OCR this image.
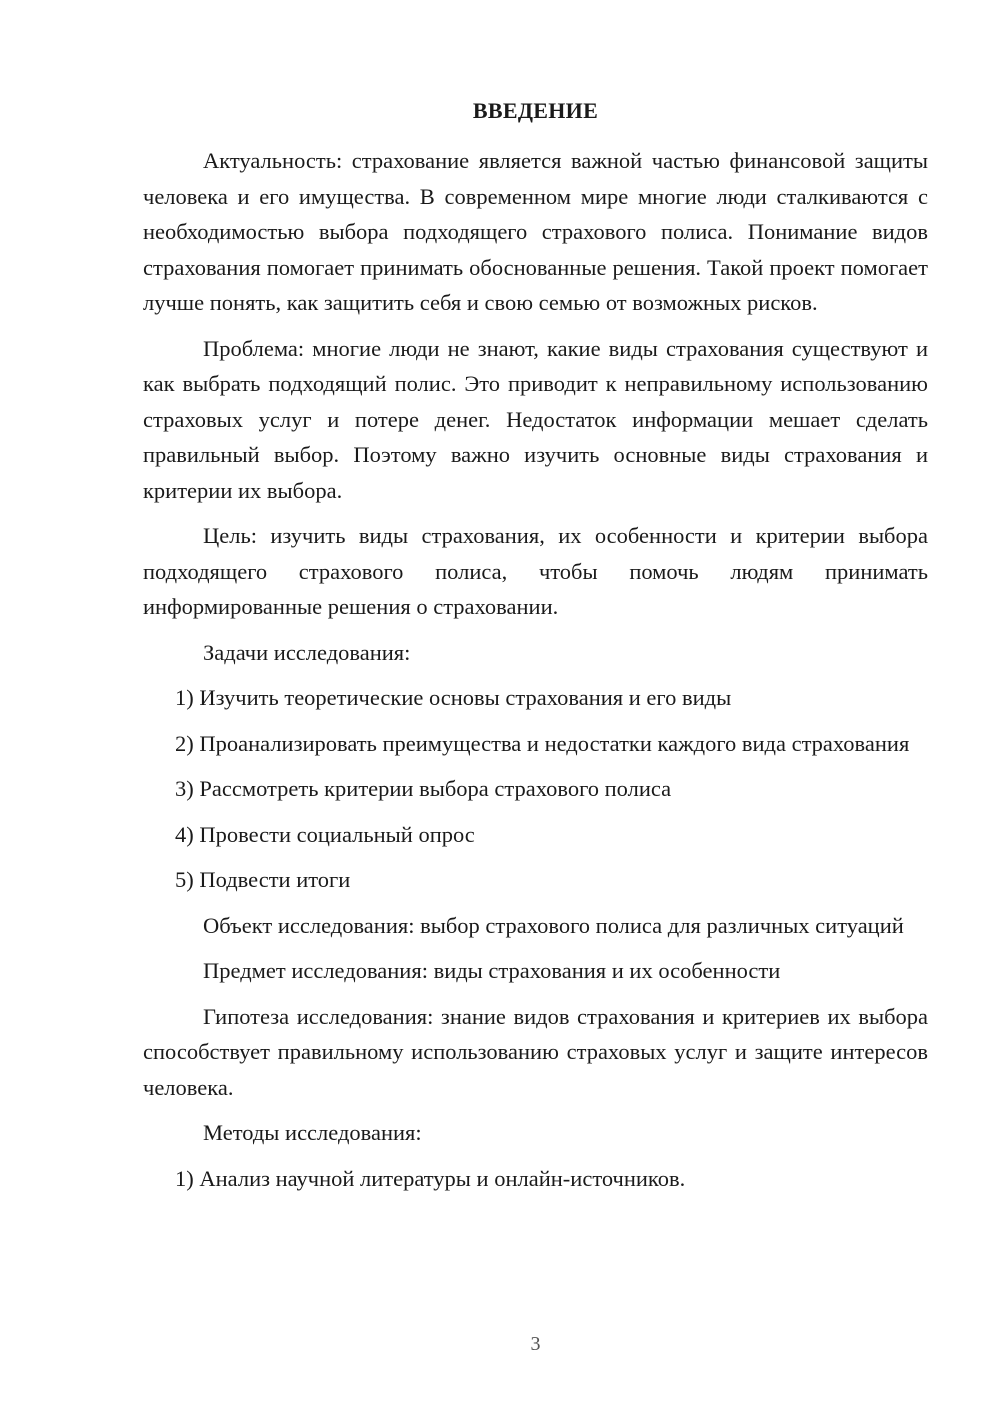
ВВЕДЕНИЕ

Актуальность: страхование является важной частью финансовой защиты человека и его имущества. В современном мире многие люди сталкиваются с необходимостью выбора подходящего страхового полиса. Понимание видов страхования помогает принимать обоснованные решения. Такой проект помогает лучше понять, как защитить себя и свою семью от возможных рисков.

Проблема: многие люди не знают, какие виды страхования существуют и как выбрать подходящий полис. Это приводит к неправильному использованию страховых услуг и потере денег. Недостаток информации мешает сделать правильный выбор. Поэтому важно изучить основные виды страхования и критерии их выбора.

Цель: изучить виды страхования, их особенности и критерии выбора подходящего страхового полиса, чтобы помочь людям принимать информированные решения о страховании.

Задачи исследования:

1) Изучить теоретические основы страхования и его виды

2) Проанализировать преимущества и недостатки каждого вида страхования

3) Рассмотреть критерии выбора страхового полиса

4) Провести социальный опрос

5) Подвести итоги

Объект исследования: выбор страхового полиса для различных ситуаций

Предмет исследования: виды страхования и их особенности

Гипотеза исследования: знание видов страхования и критериев их выбора способствует правильному использованию страховых услуг и защите интересов человека.

Методы исследования:

1) Анализ научной литературы и онлайн-источников.

3
